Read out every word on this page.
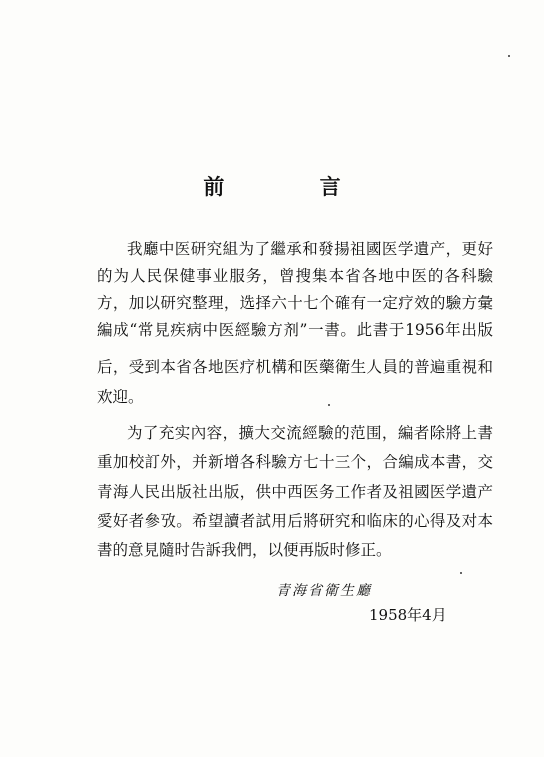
前 言

我廳中医研究組为了繼承和發揚祖國医学遺产，更好

的为人民保健事业服务，曾搜集本省各地中医的各科驗

方，加以研究整理，选择六十七个確有一定疗效的驗方彙

編成“常見疾病中医經驗方剂”一書。此書于1956年出版

后，受到本省各地医疗机構和医藥衛生人員的普遍重視和

欢迎。

为了充实內容，擴大交流經驗的范围，編者除將上書

重加校訂外，并新增各科驗方七十三个，合編成本書，交

青海人民出版社出版，供中西医务工作者及祖國医学遺产

愛好者參攷。希望讀者試用后將研究和临床的心得及对本

書的意見隨时告訴我們，以便再版时修正。

青海省衛生廳

1958年4月
